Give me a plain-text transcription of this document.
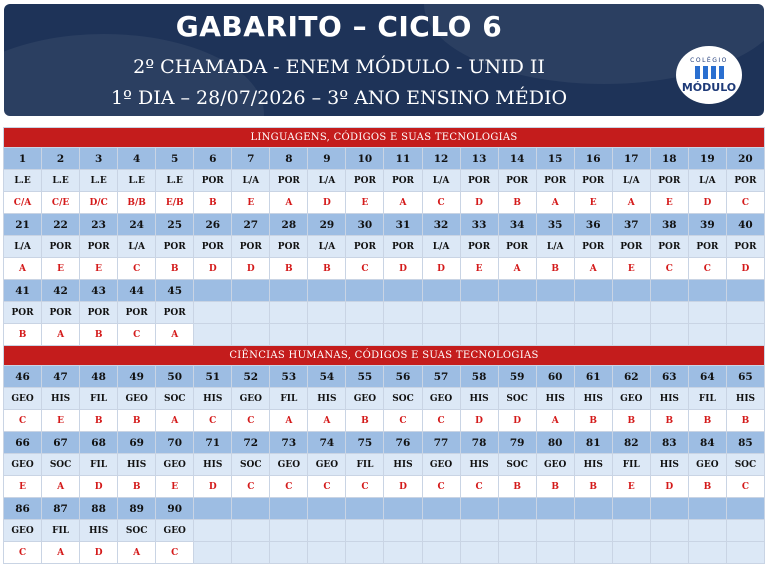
GABARITO – CICLO 6
2º CHAMADA - ENEM MÓDULO - UNID II
1º DIA – 28/07/2026 – 3º ANO ENSINO MÉDIO
COLÉGIO
MÓDULO
LINGUAGENS, CÓDIGOS E SUAS TECNOLOGIAS																			
1	2	3	4	5	6	7	8	9	10	11	12	13	14	15	16	17	18	19	20
L.E	L.E	L.E	L.E	L.E	POR	L/A	POR	L/A	POR	POR	L/A	POR	POR	POR	POR	L/A	POR	L/A	POR
C/A	C/E	D/C	B/B	E/B	B	E	A	D	E	A	C	D	B	A	E	A	E	D	C
21	22	23	24	25	26	27	28	29	30	31	32	33	34	35	36	37	38	39	40
L/A	POR	POR	L/A	POR	POR	POR	POR	L/A	POR	POR	L/A	POR	POR	L/A	POR	POR	POR	POR	POR
A	E	E	C	B	D	D	B	B	C	D	D	E	A	B	A	E	C	C	D
41	42	43	44	45															
POR	POR	POR	POR	POR															
B	A	B	C	A															
CIÊNCIAS HUMANAS, CÓDIGOS E SUAS TECNOLOGIAS																			
46	47	48	49	50	51	52	53	54	55	56	57	58	59	60	61	62	63	64	65
GEO	HIS	FIL	GEO	SOC	HIS	GEO	FIL	HIS	GEO	SOC	GEO	HIS	SOC	HIS	HIS	GEO	HIS	FIL	HIS
C	E	B	B	A	C	C	A	A	B	C	C	D	D	A	B	B	B	B	B
66	67	68	69	70	71	72	73	74	75	76	77	78	79	80	81	82	83	84	85
GEO	SOC	FIL	HIS	GEO	HIS	SOC	GEO	GEO	FIL	HIS	GEO	HIS	SOC	GEO	HIS	FIL	HIS	GEO	SOC
E	A	D	B	E	D	C	C	C	C	D	C	C	B	B	B	E	D	B	C
86	87	88	89	90															
GEO	FIL	HIS	SOC	GEO															
C	A	D	A	C															
